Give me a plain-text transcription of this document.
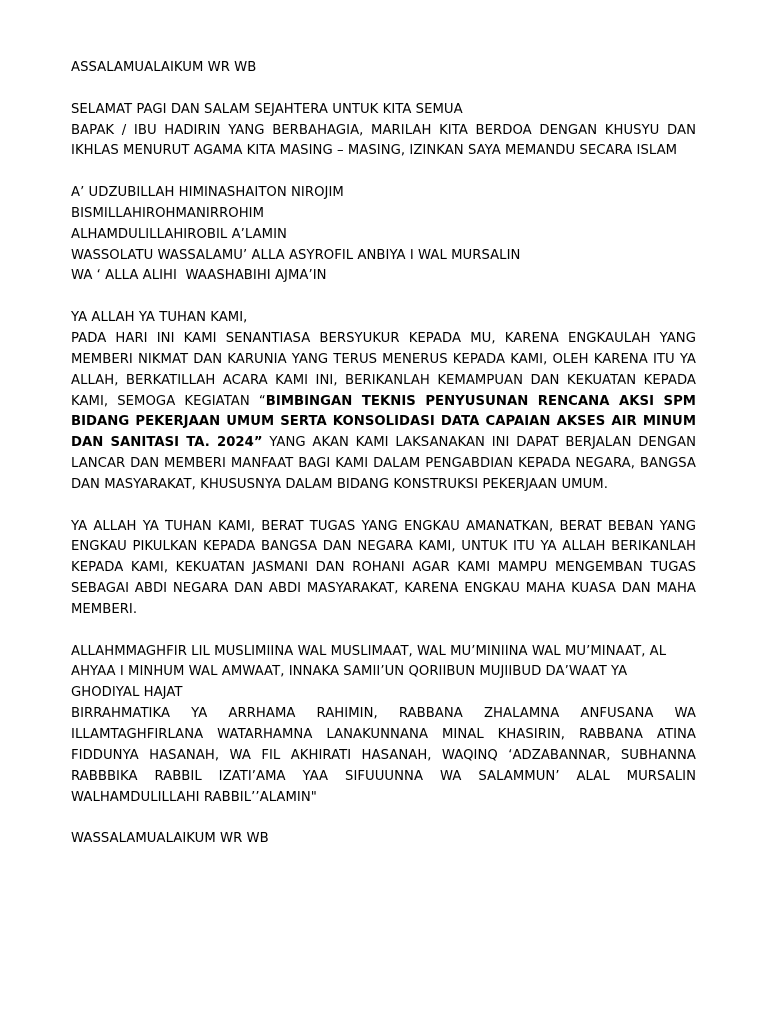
ASSALAMUALAIKUM WR WB

SELAMAT PAGI DAN SALAM SEJAHTERA UNTUK KITA SEMUA

BAPAK / IBU HADIRIN YANG BERBAHAGIA, MARILAH KITA BERDOA DENGAN KHUSYU DAN IKHLAS MENURUT AGAMA KITA MASING – MASING, IZINKAN SAYA MEMANDU SECARA ISLAM

A’ UDZUBILLAH HIMINASHAITON NIROJIM

BISMILLAHIROHMANIRROHIM

ALHAMDULILLAHIROBIL A’LAMIN

WASSOLATU WASSALAMU’ ALLA ASYROFIL ANBIYA I WAL MURSALIN

WA ‘ ALLA ALIHI  WAASHABIHI AJMA’IN

YA ALLAH YA TUHAN KAMI,

PADA HARI INI KAMI SENANTIASA BERSYUKUR KEPADA MU, KARENA ENGKAULAH YANG MEMBERI NIKMAT DAN KARUNIA YANG TERUS MENERUS KEPADA KAMI, OLEH KARENA ITU YA ALLAH, BERKATILLAH ACARA KAMI INI, BERIKANLAH KEMAMPUAN DAN KEKUATAN KEPADA KAMI, SEMOGA KEGIATAN “BIMBINGAN TEKNIS PENYUSUNAN RENCANA AKSI SPM BIDANG PEKERJAAN UMUM SERTA KONSOLIDASI DATA CAPAIAN AKSES AIR MINUM DAN SANITASI TA. 2024” YANG AKAN KAMI LAKSANAKAN INI DAPAT BERJALAN DENGAN LANCAR DAN MEMBERI MANFAAT BAGI KAMI DALAM PENGABDIAN KEPADA NEGARA, BANGSA DAN MASYARAKAT, KHUSUSNYA DALAM BIDANG KONSTRUKSI PEKERJAAN UMUM.

YA ALLAH YA TUHAN KAMI, BERAT TUGAS YANG ENGKAU AMANATKAN, BERAT BEBAN YANG ENGKAU PIKULKAN KEPADA BANGSA DAN NEGARA KAMI, UNTUK ITU YA ALLAH BERIKANLAH KEPADA KAMI, KEKUATAN JASMANI DAN ROHANI AGAR KAMI MAMPU MENGEMBAN TUGAS SEBAGAI ABDI NEGARA DAN ABDI MASYARAKAT, KARENA ENGKAU MAHA KUASA DAN MAHA MEMBERI.

ALLAHMMAGHFIR LIL MUSLIMIINA WAL MUSLIMAAT, WAL MU’MINIINA WAL MU’MINAAT, AL

AHYAA I MINHUM WAL AMWAAT, INNAKA SAMII’UN QORIIBUN MUJIIBUD DA’WAAT YA

GHODIYAL HAJAT

BIRRAHMATIKA YA ARRHAMA RAHIMIN, RABBANA ZHALAMNA ANFUSANA WA ILLAMTAGHFIRLANA WATARHAMNA LANAKUNNANA MINAL KHASIRIN, RABBANA ATINA FIDDUNYA HASANAH, WA FIL AKHIRATI HASANAH, WAQINQ ‘ADZABANNAR, SUBHANNA RABBBIKA RABBIL IZATI’AMA YAA SIFUUUNNA WA SALAMMUN’ ALAL MURSALIN WALHAMDULILLAHI RABBIL’’ALAMIN"

WASSALAMUALAIKUM WR WB
